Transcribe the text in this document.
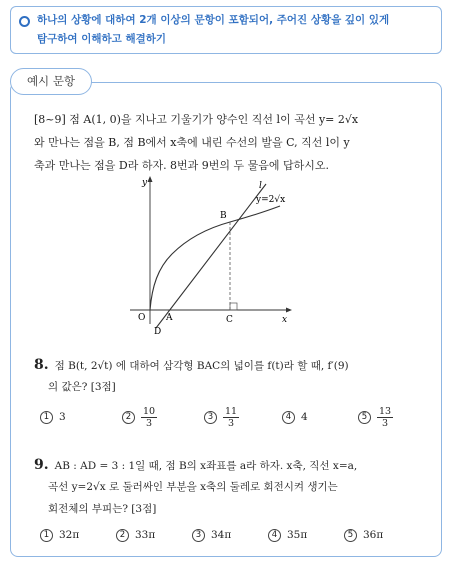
하나의 상황에 대하여 2개 이상의 문항이 포함되어, 주어진 상황을 깊이 있게
탐구하여 이해하고 해결하기
예시 문항
[8~9] 점 A(1, 0)을 지나고 기울기가 양수인 직선 l이 곡선 y= 2√x
와 만나는 점을 B, 점 B에서 x축에 내린 수선의 발을 C, 직선 l이 y
축과 만나는 점을 D라 하자. 8번과 9번의 두 물음에 답하시오.
y
x
l
y=2√x
B
O A	C
D
8. 점 B(t, 2√t) 에 대하여 삼각형 BAC의 넓이를 f(t)라 할 때, f′(9)
의 값은? [3점]
1 3	2	$\frac{10}{3}$	3	$\frac{11}{3}$	4 4	5	$\frac{13}{3}$
9. AB : AD = 3 : 1일 때, 점 B의 x좌표를 a라 하자. x축, 직선 x=a,
곡선 y=2√x 로 둘러싸인 부분을 x축의 둘레로 회전시켜 생기는
회전체의 부피는? [3점]
1 32π	2 33π	3 34π	4 35π	5 36π
